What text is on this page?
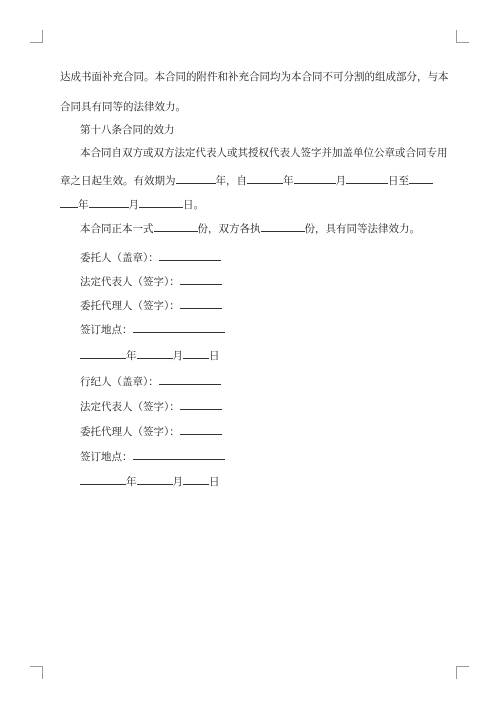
达成书面补充合同。本合同的附件和补充合同均为本合同不可分割的组成部分，与本
合同具有同等的法律效力。
第十八条合同的效力
本合同自双方或双方法定代表人或其授权代表人签字并加盖单位公章或合同专用
章之日起生效。有效期为	年，自	年	月	日至
年	月	日。
本合同正本一式	份，双方各执	份，具有同等法律效力。
委托人（盖章）：
法定代表人（签字）：
委托代理人（签字）：
签订地点：
年	月 日
行纪人（盖章）：
法定代表人（签字）：
委托代理人（签字）：
签订地点：
年	月 日
